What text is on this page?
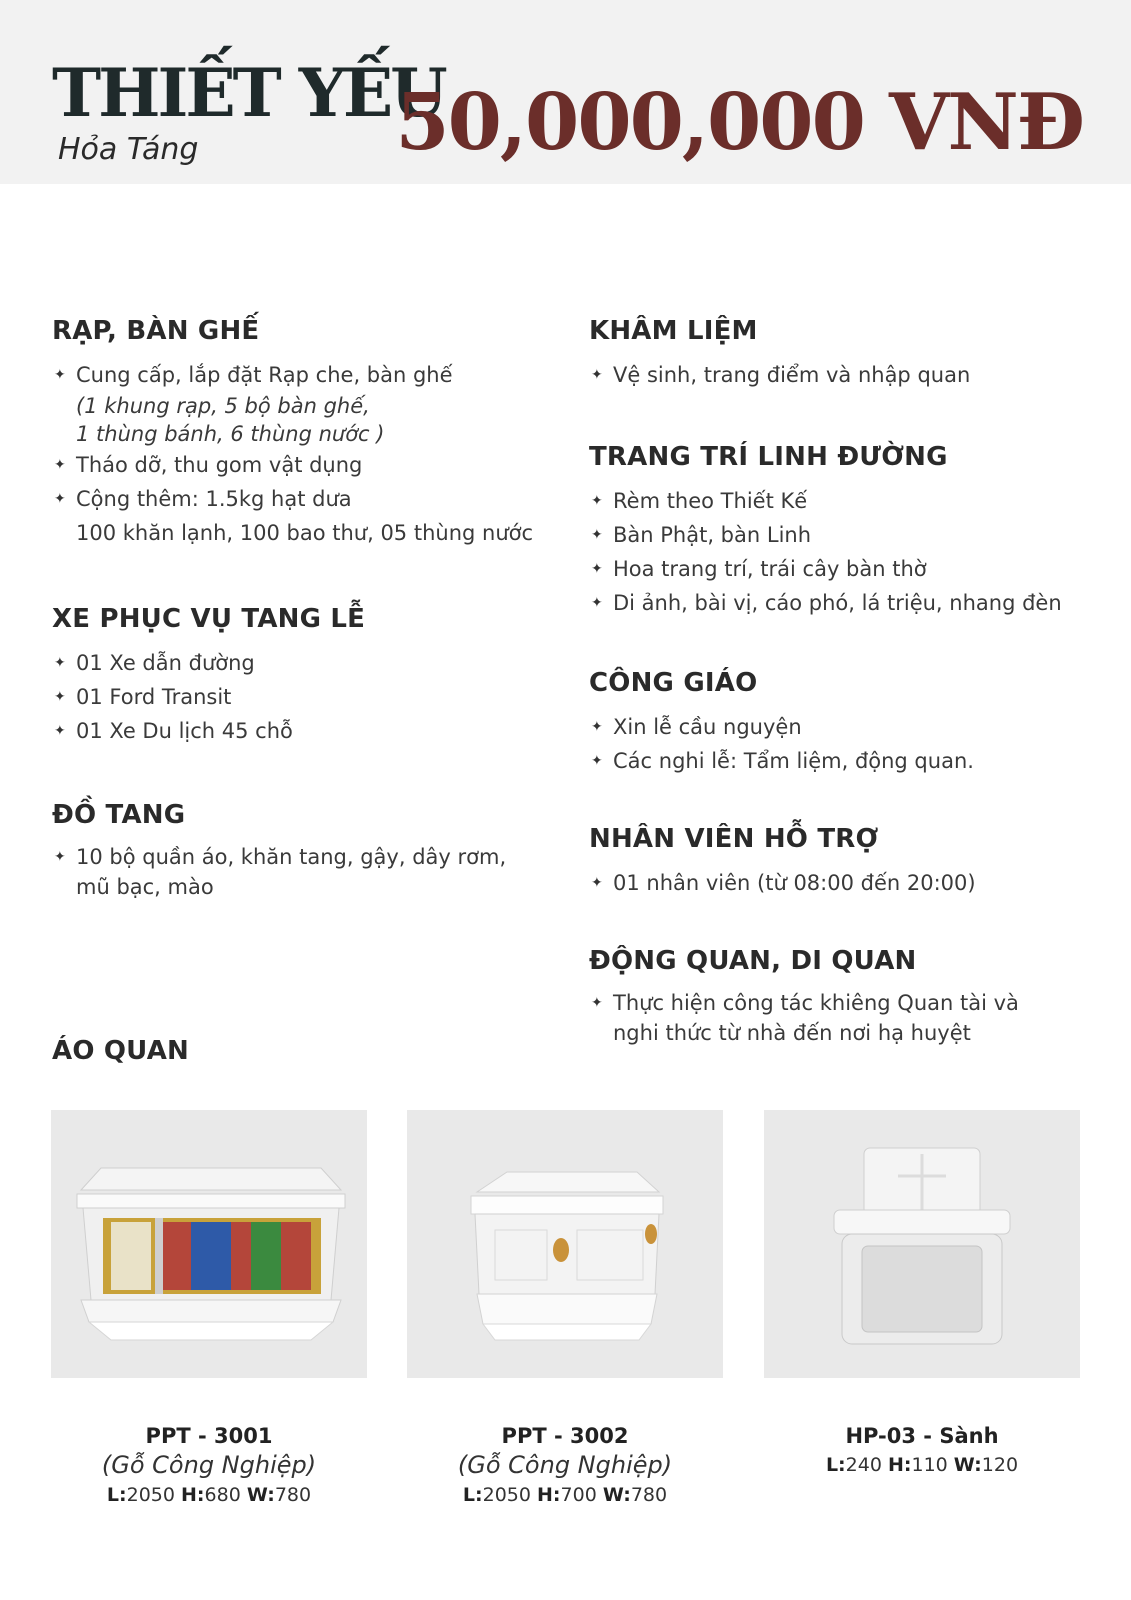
THIẾT YẾU
Hỏa Táng	50,000,000 VNĐ
RẠP, BÀN GHẾ
✦ Cung cấp, lắp đặt Rạp che, bàn ghế
(1 khung rạp, 5 bộ bàn ghế,
1 thùng bánh, 6 thùng nước )
✦ Tháo dỡ, thu gom vật dụng
✦ Cộng thêm: 1.5kg hạt dưa
100 khăn lạnh, 100 bao thư, 05 thùng nước
XE PHỤC VỤ TANG LỄ
✦ 01 Xe dẫn đường
✦ 01 Ford Transit
✦ 01 Xe Du lịch 45 chỗ
ĐỒ TANG
✦ 10 bộ quần áo, khăn tang, gậy, dây rơm,
mũ bạc, mào
ÁO QUAN
KHÂM LIỆM
✦ Vệ sinh, trang điểm và nhập quan
TRANG TRÍ LINH ĐƯỜNG
✦ Rèm theo Thiết Kế
✦ Bàn Phật, bàn Linh
✦ Hoa trang trí, trái cây bàn thờ
✦ Di ảnh, bài vị, cáo phó, lá triệu, nhang đèn
CÔNG GIÁO
✦ Xin lễ cầu nguyện
✦ Các nghi lễ: Tẩm liệm, động quan.
NHÂN VIÊN HỖ TRỢ
✦ 01 nhân viên (từ 08:00 đến 20:00)
ĐỘNG QUAN, DI QUAN
✦ Thực hiện công tác khiêng Quan tài và
nghi thức từ nhà đến nơi hạ huyệt
PPT - 3001
(Gỗ Công Nghiệp)
L:2050 H:680 W:780
PPT - 3002
(Gỗ Công Nghiệp)
L:2050 H:700 W:780
HP-03 - Sành
L:240 H:110 W:120
